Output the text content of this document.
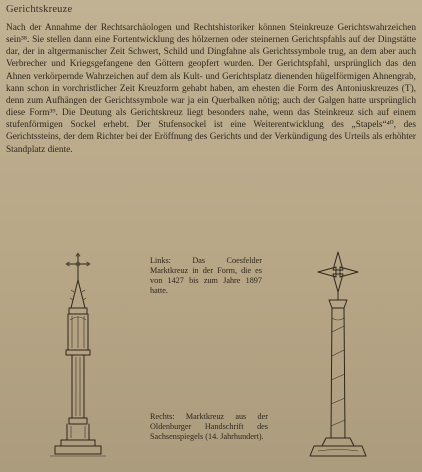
Gerichtskreuze

Nach der Annahme der Rechtsarchäologen und Rechtshistoriker können Steinkreuze Gerichtswahrzeichen sein³⁸. Sie stellen dann eine Fortentwicklung des hölzernen oder steinernen Gerichtspfahls auf der Dingstätte dar, der in altgermanischer Zeit Schwert, Schild und Dingfahne als Gerichtssymbole trug, an dem aber auch Verbrecher und Kriegsgefangene den Göttern geopfert wurden. Der Gerichtspfahl, ursprünglich das den Ahnen verkörpernde Wahrzeichen auf dem als Kult- und Gerichtsplatz dienenden hügelförmigen Ahnengrab, kann schon in vorchristlicher Zeit Kreuzform gehabt haben, am ehesten die Form des Antoniuskreuzes (T), denn zum Aufhängen der Gerichtssymbole war ja ein Querbalken nötig; auch der Galgen hatte ursprünglich diese Form³⁹. Die Deutung als Gerichtskreuz liegt besonders nahe, wenn das Steinkreuz sich auf einem stufenförmigen Sockel erhebt. Der Stufensockel ist eine Weiterentwicklung des „Stapels“⁴⁰, des Gerichtssteins, der dem Richter bei der Eröffnung des Gerichts und der Verkündigung des Urteils als erhöhter Standplatz diente.

Links: Das Coesfelder Marktkreuz in der Form, die es von 1427 bis zum Jahre 1897 hatte.
Rechts: Marktkreuz aus der Oldenburger Handschrift des Sachsenspiegels (14. Jahrhundert).
